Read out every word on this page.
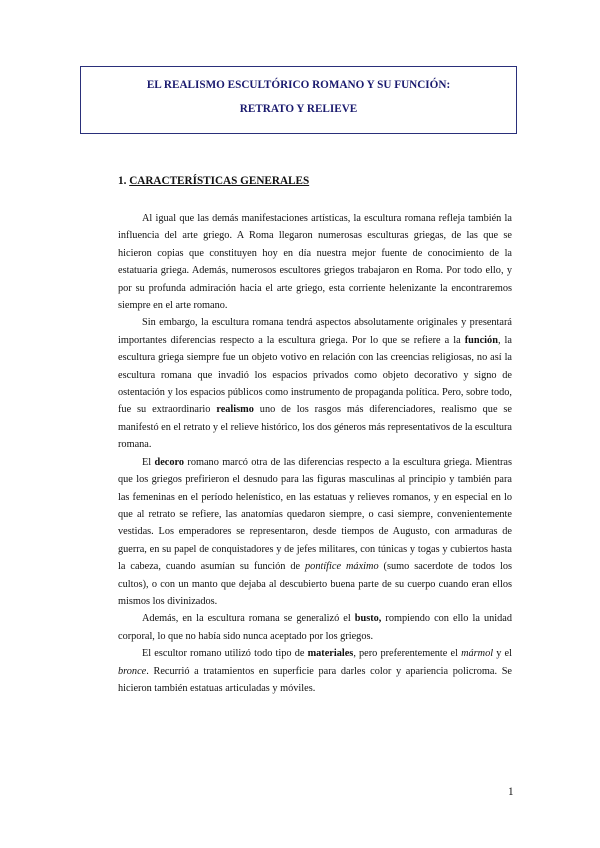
EL REALISMO ESCULTÓRICO ROMANO Y SU FUNCIÓN:
RETRATO Y RELIEVE
1. CARACTERÍSTICAS GENERALES

Al igual que las demás manifestaciones artísticas, la escultura romana refleja también la influencia del arte griego. A Roma llegaron numerosas esculturas griegas, de las que se hicieron copias que constituyen hoy en día nuestra mejor fuente de conocimiento de la estatuaria griega. Además, numerosos escultores griegos trabajaron en Roma. Por todo ello, y por su profunda admiración hacia el arte griego, esta corriente helenizante la encontraremos siempre en el arte romano.

Sin embargo, la escultura romana tendrá aspectos absolutamente originales y presentará importantes diferencias respecto a la escultura griega. Por lo que se refiere a la función, la escultura griega siempre fue un objeto votivo en relación con las creencias religiosas, no así la escultura romana que invadió los espacios privados como objeto decorativo y signo de ostentación y los espacios públicos como instrumento de propaganda política. Pero, sobre todo, fue su extraordinario realismo uno de los rasgos más diferenciadores, realismo que se manifestó en el retrato y el relieve histórico, los dos géneros más representativos de la escultura romana.

El decoro romano marcó otra de las diferencias respecto a la escultura griega. Mientras que los griegos prefirieron el desnudo para las figuras masculinas al principio y también para las femeninas en el período helenístico, en las estatuas y relieves romanos, y en especial en lo que al retrato se refiere, las anatomías quedaron siempre, o casi siempre, convenientemente vestidas. Los emperadores se representaron, desde tiempos de Augusto, con armaduras de guerra, en su papel de conquistadores y de jefes militares, con túnicas y togas y cubiertos hasta la cabeza, cuando asumían su función de pontífice máximo (sumo sacerdote de todos los cultos), o con un manto que dejaba al descubierto buena parte de su cuerpo cuando eran ellos mismos los divinizados.

Además, en la escultura romana se generalizó el busto, rompiendo con ello la unidad corporal, lo que no había sido nunca aceptado por los griegos.

El escultor romano utilizó todo tipo de materiales, pero preferentemente el mármol y el bronce. Recurrió a tratamientos en superficie para darles color y apariencia policroma. Se hicieron también estatuas articuladas y móviles.

1
